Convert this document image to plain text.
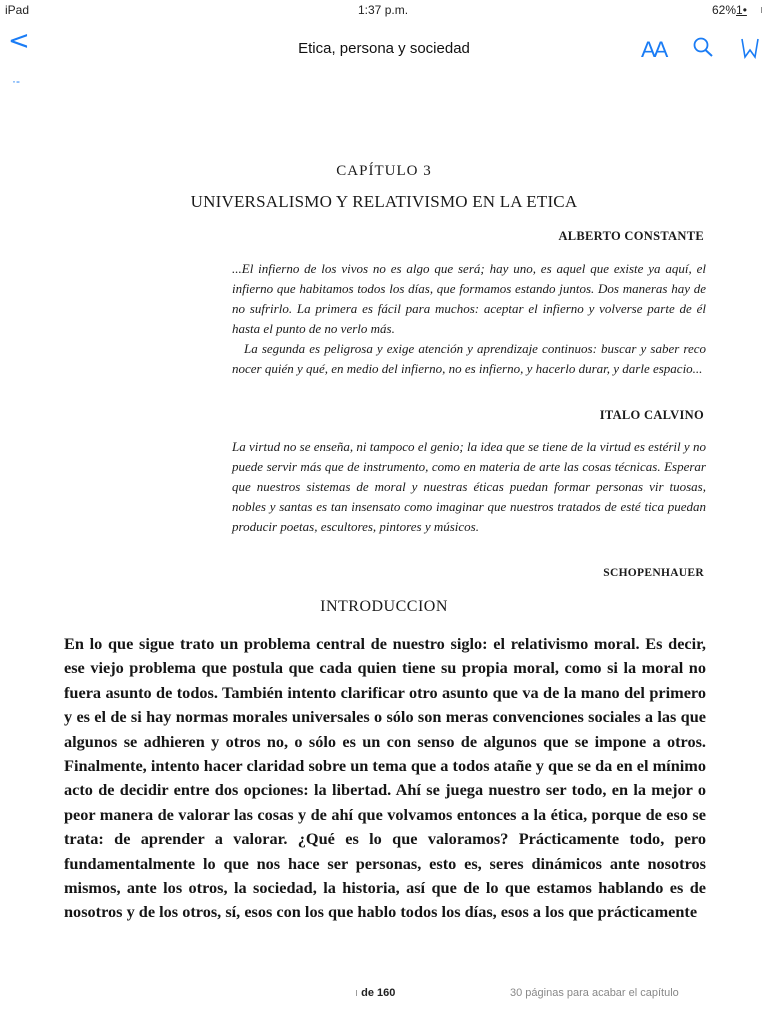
iPad	1:37 p.m.	62%1• ı
<	Etica, persona y sociedad	AA
·-
CAPÍTULO 3
UNIVERSALISMO Y RELATIVISMO EN LA ETICA
ALBERTO CONSTANTE

...El infierno de los vivos no es algo que será; hay uno, es aquel que existe ya aquí, el infierno que habitamos todos los días, que formamos estando juntos. Dos maneras hay de no sufrirlo. La primera es fácil para muchos: aceptar el infierno y volverse parte de él hasta el punto de no verlo más.

La segunda es peligrosa y exige atención y aprendizaje continuos: buscar y saber reco nocer quién y qué, en medio del infierno, no es infierno, y hacerlo durar, y darle espacio...

ITALO CALVINO

La virtud no se enseña, ni tampoco el genio; la idea que se tiene de la virtud es estéril y no puede servir más que de instrumento, como en materia de arte las cosas técnicas. Esperar que nuestros sistemas de moral y nuestras éticas puedan formar personas vir tuosas, nobles y santas es tan insensato como imaginar que nuestros tratados de esté tica puedan producir poetas, escultores, pintores y músicos.

SCHOPENHAUER
INTRODUCCION
En lo que sigue trato un problema central de nuestro siglo: el relativismo moral. Es decir, ese viejo problema que postula que cada quien tiene su propia moral, como si la moral no fuera asunto de todos. También intento clarificar otro asunto que va de la mano del primero y es el de si hay normas morales universales o sólo son meras convenciones sociales a las que algunos se adhieren y otros no, o sólo es un con senso de algunos que se impone a otros. Finalmente, intento hacer claridad sobre un tema que a todos atañe y que se da en el mínimo acto de decidir entre dos opciones: la libertad. Ahí se juega nuestro ser todo, en la mejor o peor manera de valorar las cosas y de ahí que volvamos entonces a la ética, porque de eso se trata: de aprender a valorar. ¿Qué es lo que valoramos? Prácticamente todo, pero fundamentalmente lo que nos hace ser personas, esto es, seres dinámicos ante nosotros mismos, ante los otros, la sociedad, la historia, así que de lo que estamos hablando es de nosotros y de los otros, sí, esos con los que hablo todos los días, esos a los que prácticamente
ı de 160	30 páginas para acabar el capítulo
